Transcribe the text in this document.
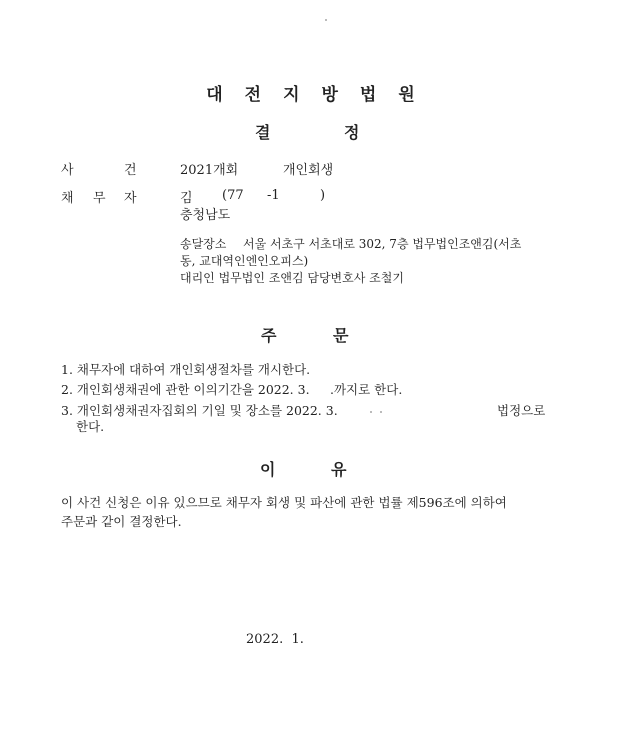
대전지방법원
결	정
사	건	2021개회	개인회생
채 무 자	김 (77 -1	)
충청남도
송달장소 서울 서초구 서초대로 302, 7층 법무법인조앤김(서초
동, 교대역인엔인오피스)
대리인 법무법인 조앤김 담당변호사 조철기
주	문
1. 채무자에 대하여 개인회생절차를 개시한다.
2. 개인회생채권에 관한 이의기간을 2022. 3. .까지로 한다.
3. 개인회생채권자집회의 기일 및 장소를 2022. 3.	법정으로
한다.
이	유
이 사건 신청은 이유 있으므로 채무자 회생 및 파산에 관한 법률 제596조에 의하여
주문과 같이 결정한다.
2022.  1.
